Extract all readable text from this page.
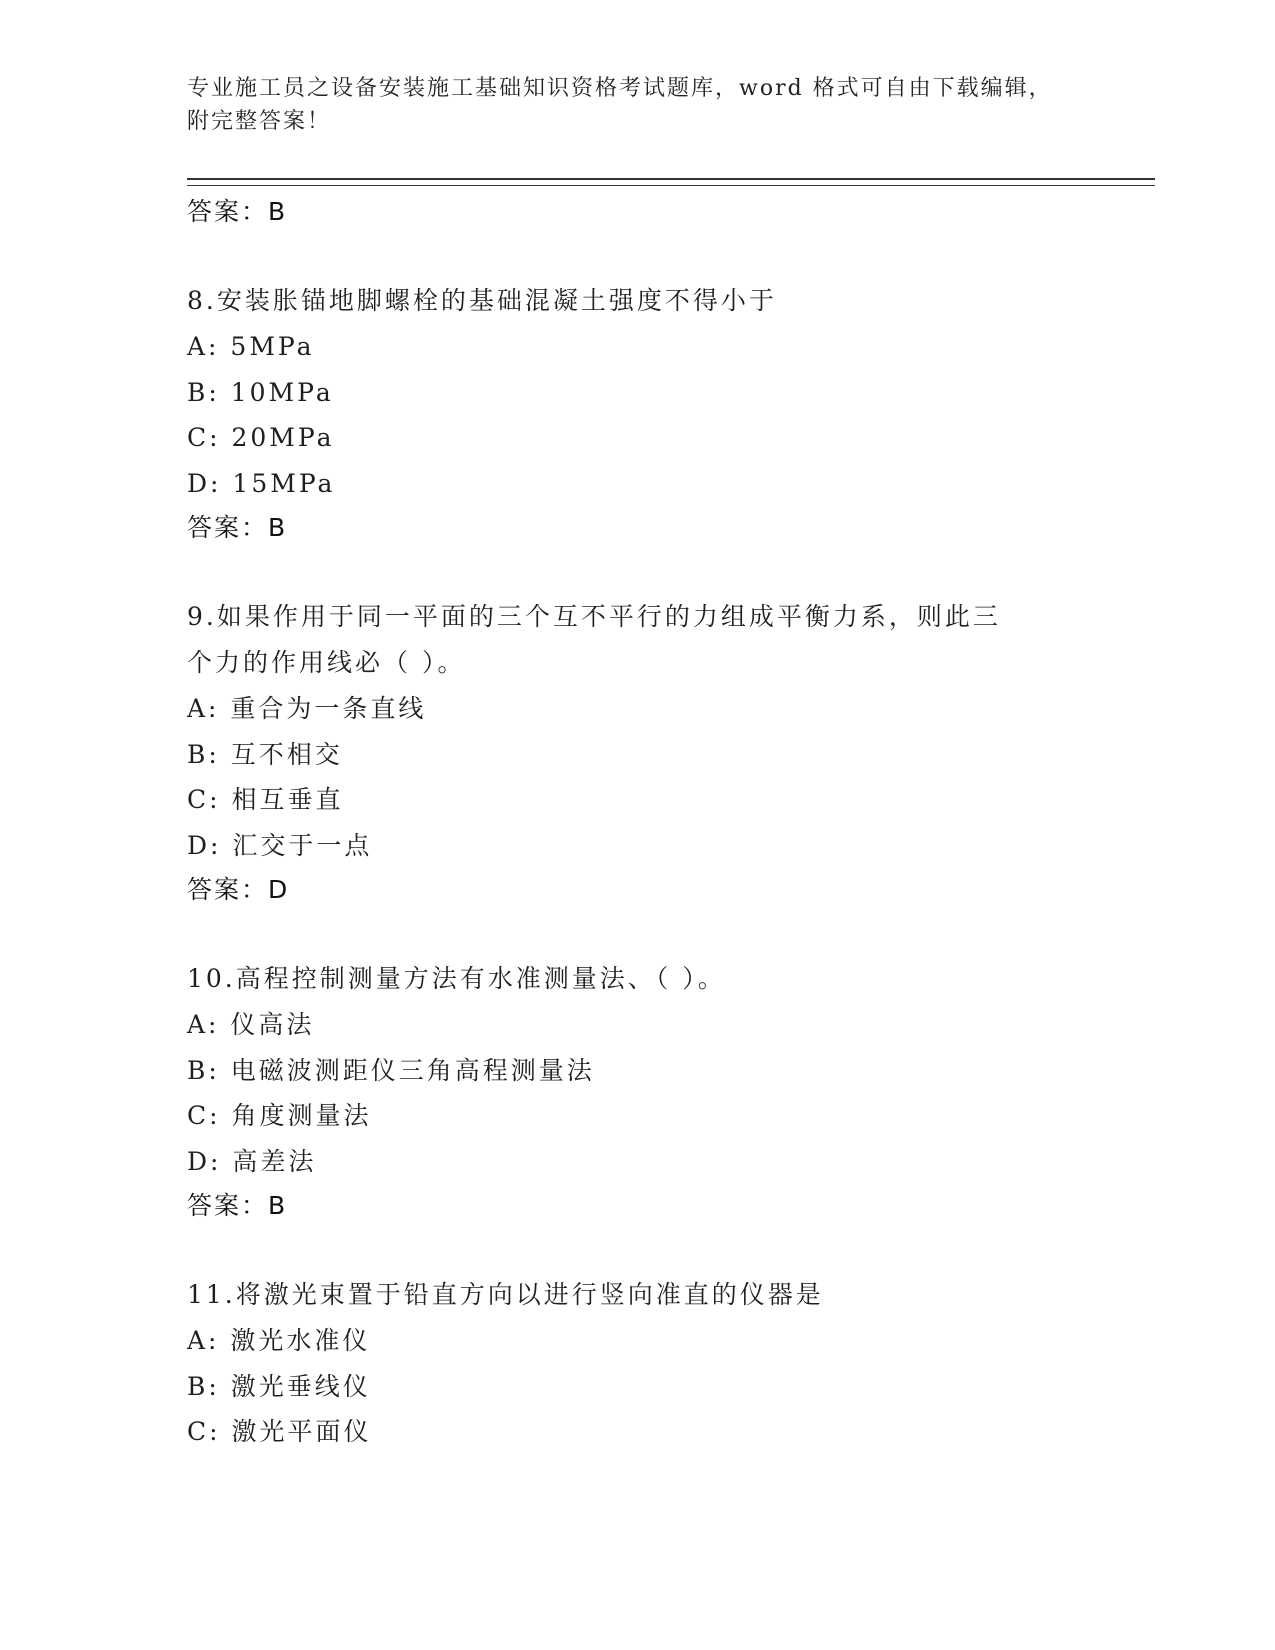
专业施工员之设备安装施工基础知识资格考试题库，word 格式可自由下载编辑，
附完整答案！
答案：B
8.安装胀锚地脚螺栓的基础混凝土强度不得小于
A: 5MPa
B: 10MPa
C: 20MPa
D: 15MPa
答案：B
9.如果作用于同一平面的三个互不平行的力组成平衡力系，则此三个力的作用线必（ ）。
A: 重合为一条直线
B: 互不相交
C: 相互垂直
D: 汇交于一点
答案：D
10.高程控制测量方法有水准测量法、（ ）。
A: 仪高法
B: 电磁波测距仪三角高程测量法
C: 角度测量法
D: 高差法
答案：B
11.将激光束置于铅直方向以进行竖向准直的仪器是
A: 激光水准仪
B: 激光垂线仪
C: 激光平面仪
